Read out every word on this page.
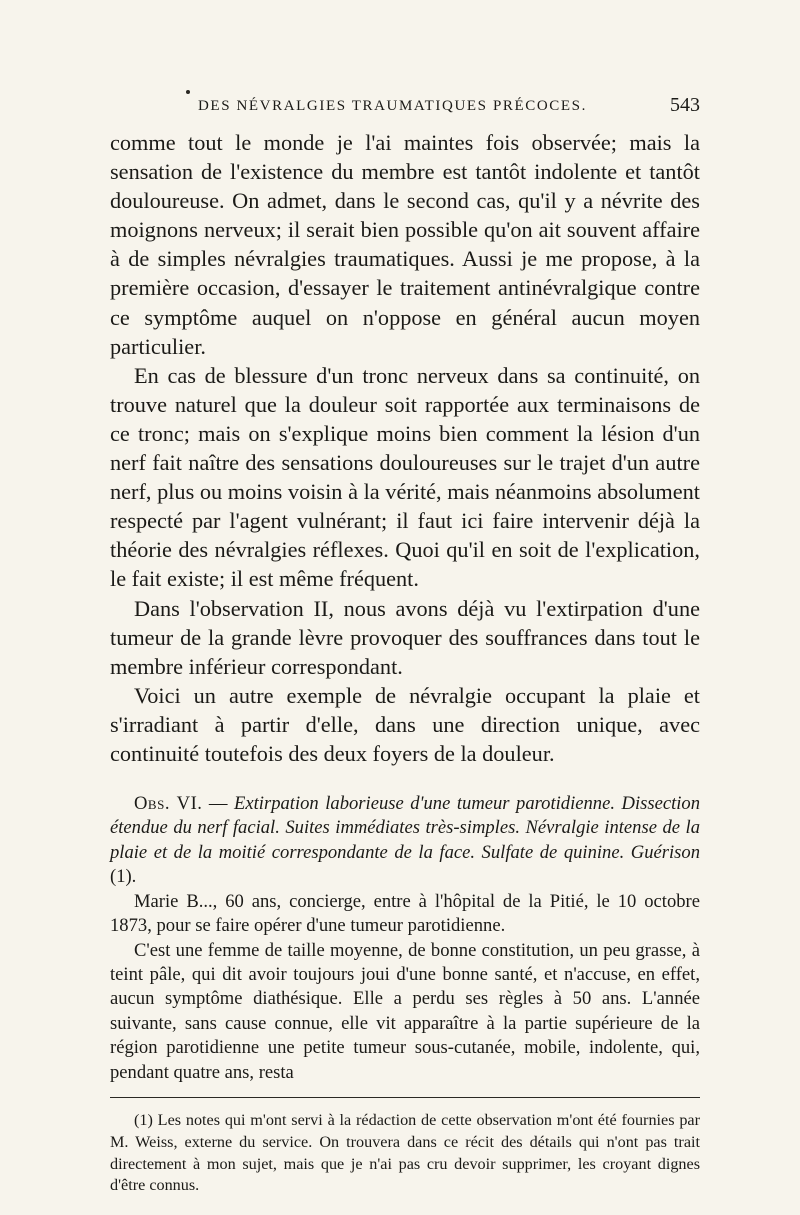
DES NÉVRALGIES TRAUMATIQUES PRÉCOCES.	543

comme tout le monde je l'ai maintes fois observée; mais la sensation de l'existence du membre est tantôt indolente et tantôt douloureuse. On admet, dans le second cas, qu'il y a névrite des moignons nerveux; il serait bien possible qu'on ait souvent affaire à de simples névralgies traumatiques. Aussi je me propose, à la première occasion, d'essayer le traitement antinévralgique contre ce symptôme auquel on n'oppose en général aucun moyen particulier.

En cas de blessure d'un tronc nerveux dans sa continuité, on trouve naturel que la douleur soit rapportée aux terminaisons de ce tronc; mais on s'explique moins bien comment la lésion d'un nerf fait naître des sensations douloureuses sur le trajet d'un autre nerf, plus ou moins voisin à la vérité, mais néanmoins absolument respecté par l'agent vulnérant; il faut ici faire intervenir déjà la théorie des névralgies réflexes. Quoi qu'il en soit de l'explication, le fait existe; il est même fréquent.

Dans l'observation II, nous avons déjà vu l'extirpation d'une tumeur de la grande lèvre provoquer des souffrances dans tout le membre inférieur correspondant.

Voici un autre exemple de névralgie occupant la plaie et s'irradiant à partir d'elle, dans une direction unique, avec continuité toutefois des deux foyers de la douleur.

Obs. VI. — Extirpation laborieuse d'une tumeur parotidienne. Dissection étendue du nerf facial. Suites immédiates très-simples. Névralgie intense de la plaie et de la moitié correspondante de la face. Sulfate de quinine. Guérison (1).

Marie B..., 60 ans, concierge, entre à l'hôpital de la Pitié, le 10 octobre 1873, pour se faire opérer d'une tumeur parotidienne.

C'est une femme de taille moyenne, de bonne constitution, un peu grasse, à teint pâle, qui dit avoir toujours joui d'une bonne santé, et n'accuse, en effet, aucun symptôme diathésique. Elle a perdu ses règles à 50 ans. L'année suivante, sans cause connue, elle vit apparaître à la partie supérieure de la région parotidienne une petite tumeur sous-cutanée, mobile, indolente, qui, pendant quatre ans, resta

(1) Les notes qui m'ont servi à la rédaction de cette observation m'ont été fournies par M. Weiss, externe du service. On trouvera dans ce récit des détails qui n'ont pas trait directement à mon sujet, mais que je n'ai pas cru devoir supprimer, les croyant dignes d'être connus.
